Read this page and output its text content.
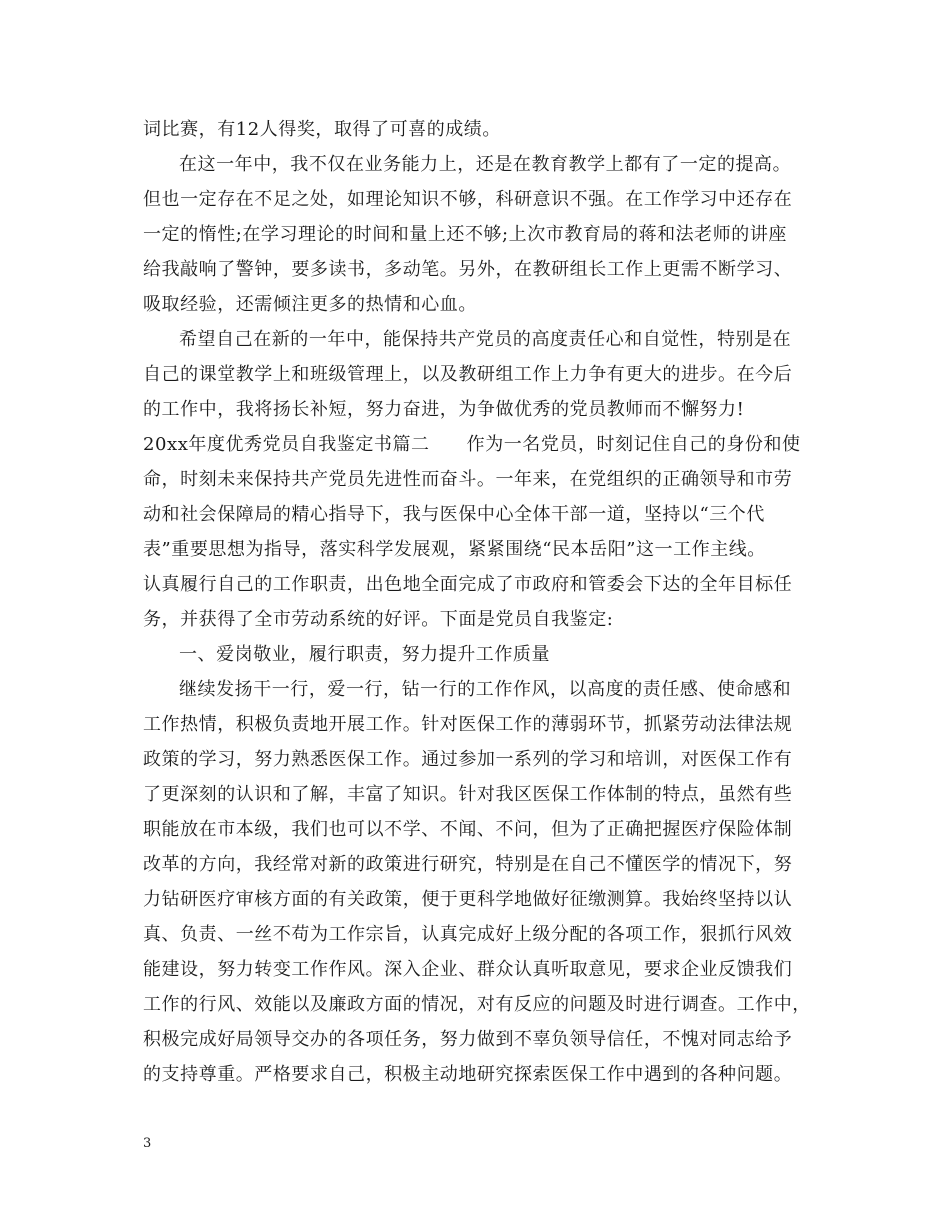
词比赛，有12人得奖，取得了可喜的成绩。
在这一年中，我不仅在业务能力上，还是在教育教学上都有了一定的提高。
但也一定存在不足之处，如理论知识不够，科研意识不强。在工作学习中还存在
一定的惰性;在学习理论的时间和量上还不够;上次市教育局的蒋和法老师的讲座
给我敲响了警钟，要多读书，多动笔。另外，在教研组长工作上更需不断学习、
吸取经验，还需倾注更多的热情和心血。
希望自己在新的一年中，能保持共产党员的高度责任心和自觉性，特别是在
自己的课堂教学上和班级管理上，以及教研组工作上力争有更大的进步。在今后
的工作中，我将扬长补短，努力奋进，为争做优秀的党员教师而不懈努力!
20xx年度优秀党员自我鉴定书篇二　　作为一名党员，时刻记住自己的身份和使
命，时刻未来保持共产党员先进性而奋斗。一年来，在党组织的正确领导和市劳
动和社会保障局的精心指导下，我与医保中心全体干部一道，坚持以“三个代
表”重要思想为指导，落实科学发展观，紧紧围绕“民本岳阳”这一工作主线。
认真履行自己的工作职责，出色地全面完成了市政府和管委会下达的全年目标任
务，并获得了全市劳动系统的好评。下面是党员自我鉴定:
一、爱岗敬业，履行职责，努力提升工作质量
继续发扬干一行，爱一行，钻一行的工作作风，以高度的责任感、使命感和
工作热情，积极负责地开展工作。针对医保工作的薄弱环节，抓紧劳动法律法规
政策的学习，努力熟悉医保工作。通过参加一系列的学习和培训，对医保工作有
了更深刻的认识和了解，丰富了知识。针对我区医保工作体制的特点，虽然有些
职能放在市本级，我们也可以不学、不闻、不问，但为了正确把握医疗保险体制
改革的方向，我经常对新的政策进行研究，特别是在自己不懂医学的情况下，努
力钻研医疗审核方面的有关政策，便于更科学地做好征缴测算。我始终坚持以认
真、负责、一丝不苟为工作宗旨，认真完成好上级分配的各项工作，狠抓行风效
能建设，努力转变工作作风。深入企业、群众认真听取意见，要求企业反馈我们
工作的行风、效能以及廉政方面的情况，对有反应的问题及时进行调查。工作中，
积极完成好局领导交办的各项任务，努力做到不辜负领导信任，不愧对同志给予
的支持尊重。严格要求自己，积极主动地研究探索医保工作中遇到的各种问题。
3
